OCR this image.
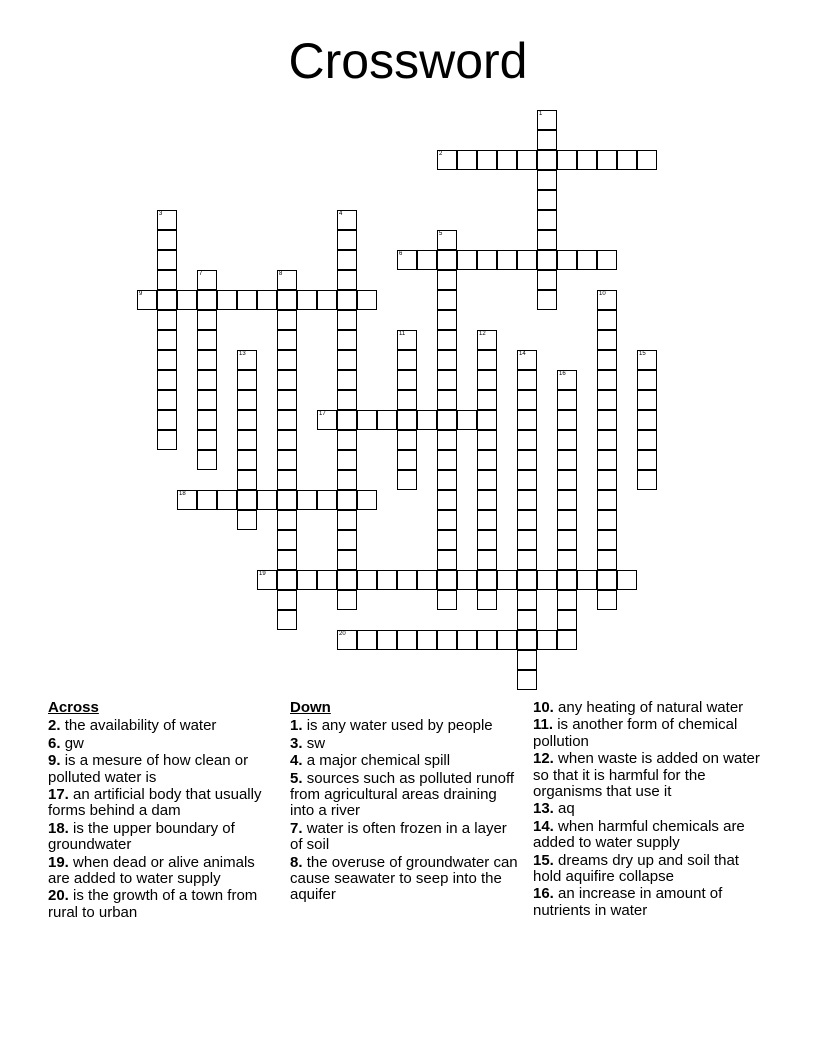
Crossword
1
2
3	4
5
6
7	8
9	10
11	12
13	14	15
16
17
18
19
20
Across
2. the availability of water
6. gw
9. is a mesure of how clean or polluted water is
17. an artificial body that usually forms behind a dam
18. is the upper boundary of groundwater
19. when dead or alive animals are added to water supply
20. is the growth of a town from rural to urban
Down
1. is any water used by people
3. sw
4. a major chemical spill
5. sources such as polluted runoff from agricultural areas draining into a river
7. water is often frozen in a layer of soil
8. the overuse of groundwater can cause seawater to seep into the aquifer
10. any heating of natural water
11. is another form of chemical pollution
12. when waste is added on water so that it is harmful for the organisms that use it
13. aq
14. when harmful chemicals are added to water supply
15. dreams dry up and soil that hold aquifire collapse
16. an increase in amount of nutrients in water
